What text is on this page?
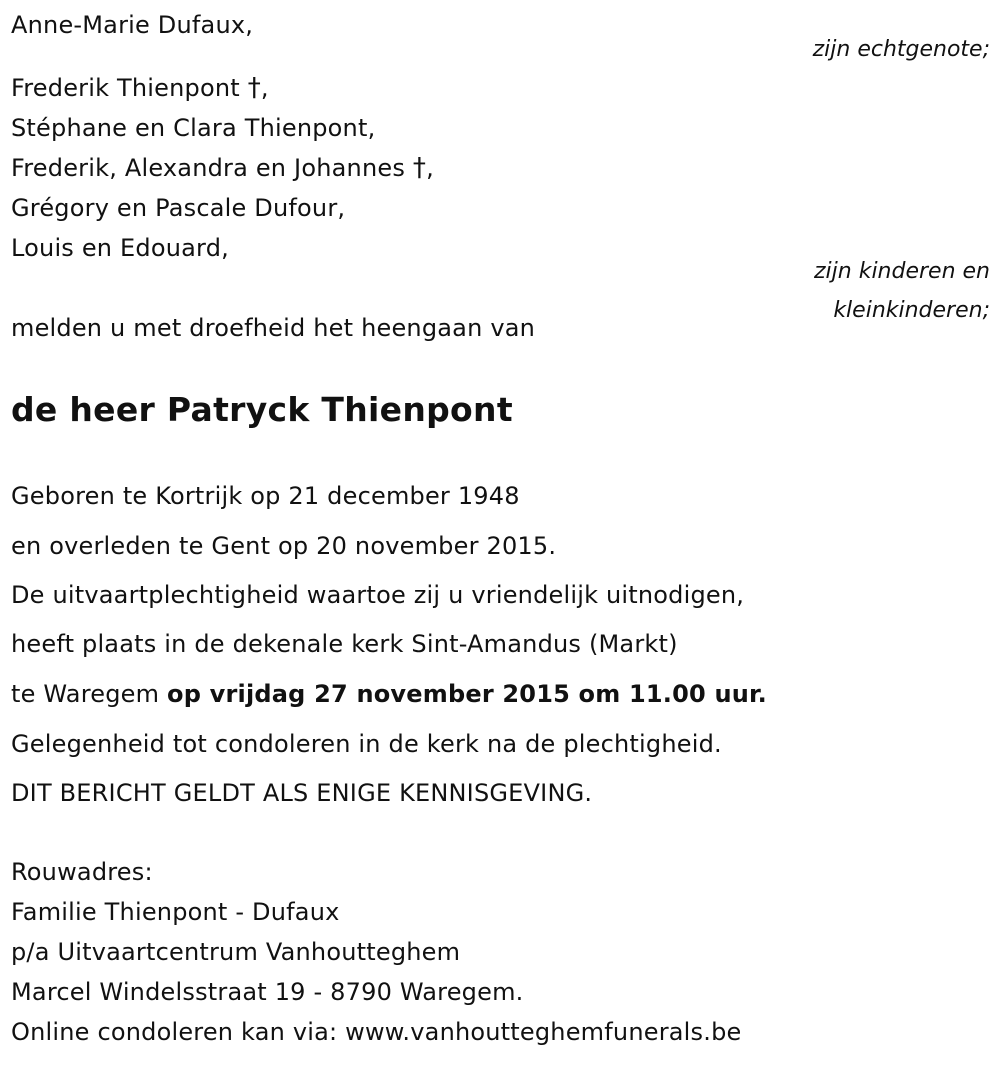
Anne-Marie Dufaux,
zijn echtgenote;
Frederik Thienpont †,
Stéphane en Clara Thienpont,
Frederik, Alexandra en Johannes †,
Grégory en Pascale Dufour,
Louis en Edouard,
zijn kinderen en
kleinkinderen;
melden u met droefheid het heengaan van
de heer Patryck Thienpont
Geboren te Kortrijk op 21 december 1948
en overleden te Gent op 20 november 2015.
De uitvaartplechtigheid waartoe zij u vriendelijk uitnodigen,
heeft plaats in de dekenale kerk Sint-Amandus (Markt)
te Waregem op vrijdag 27 november 2015 om 11.00 uur.
Gelegenheid tot condoleren in de kerk na de plechtigheid.
DIT BERICHT GELDT ALS ENIGE KENNISGEVING.
Rouwadres:
Familie Thienpont - Dufaux
p/a Uitvaartcentrum Vanhoutteghem
Marcel Windelsstraat 19 - 8790 Waregem.
Online condoleren kan via: www.vanhoutteghemfunerals.be
